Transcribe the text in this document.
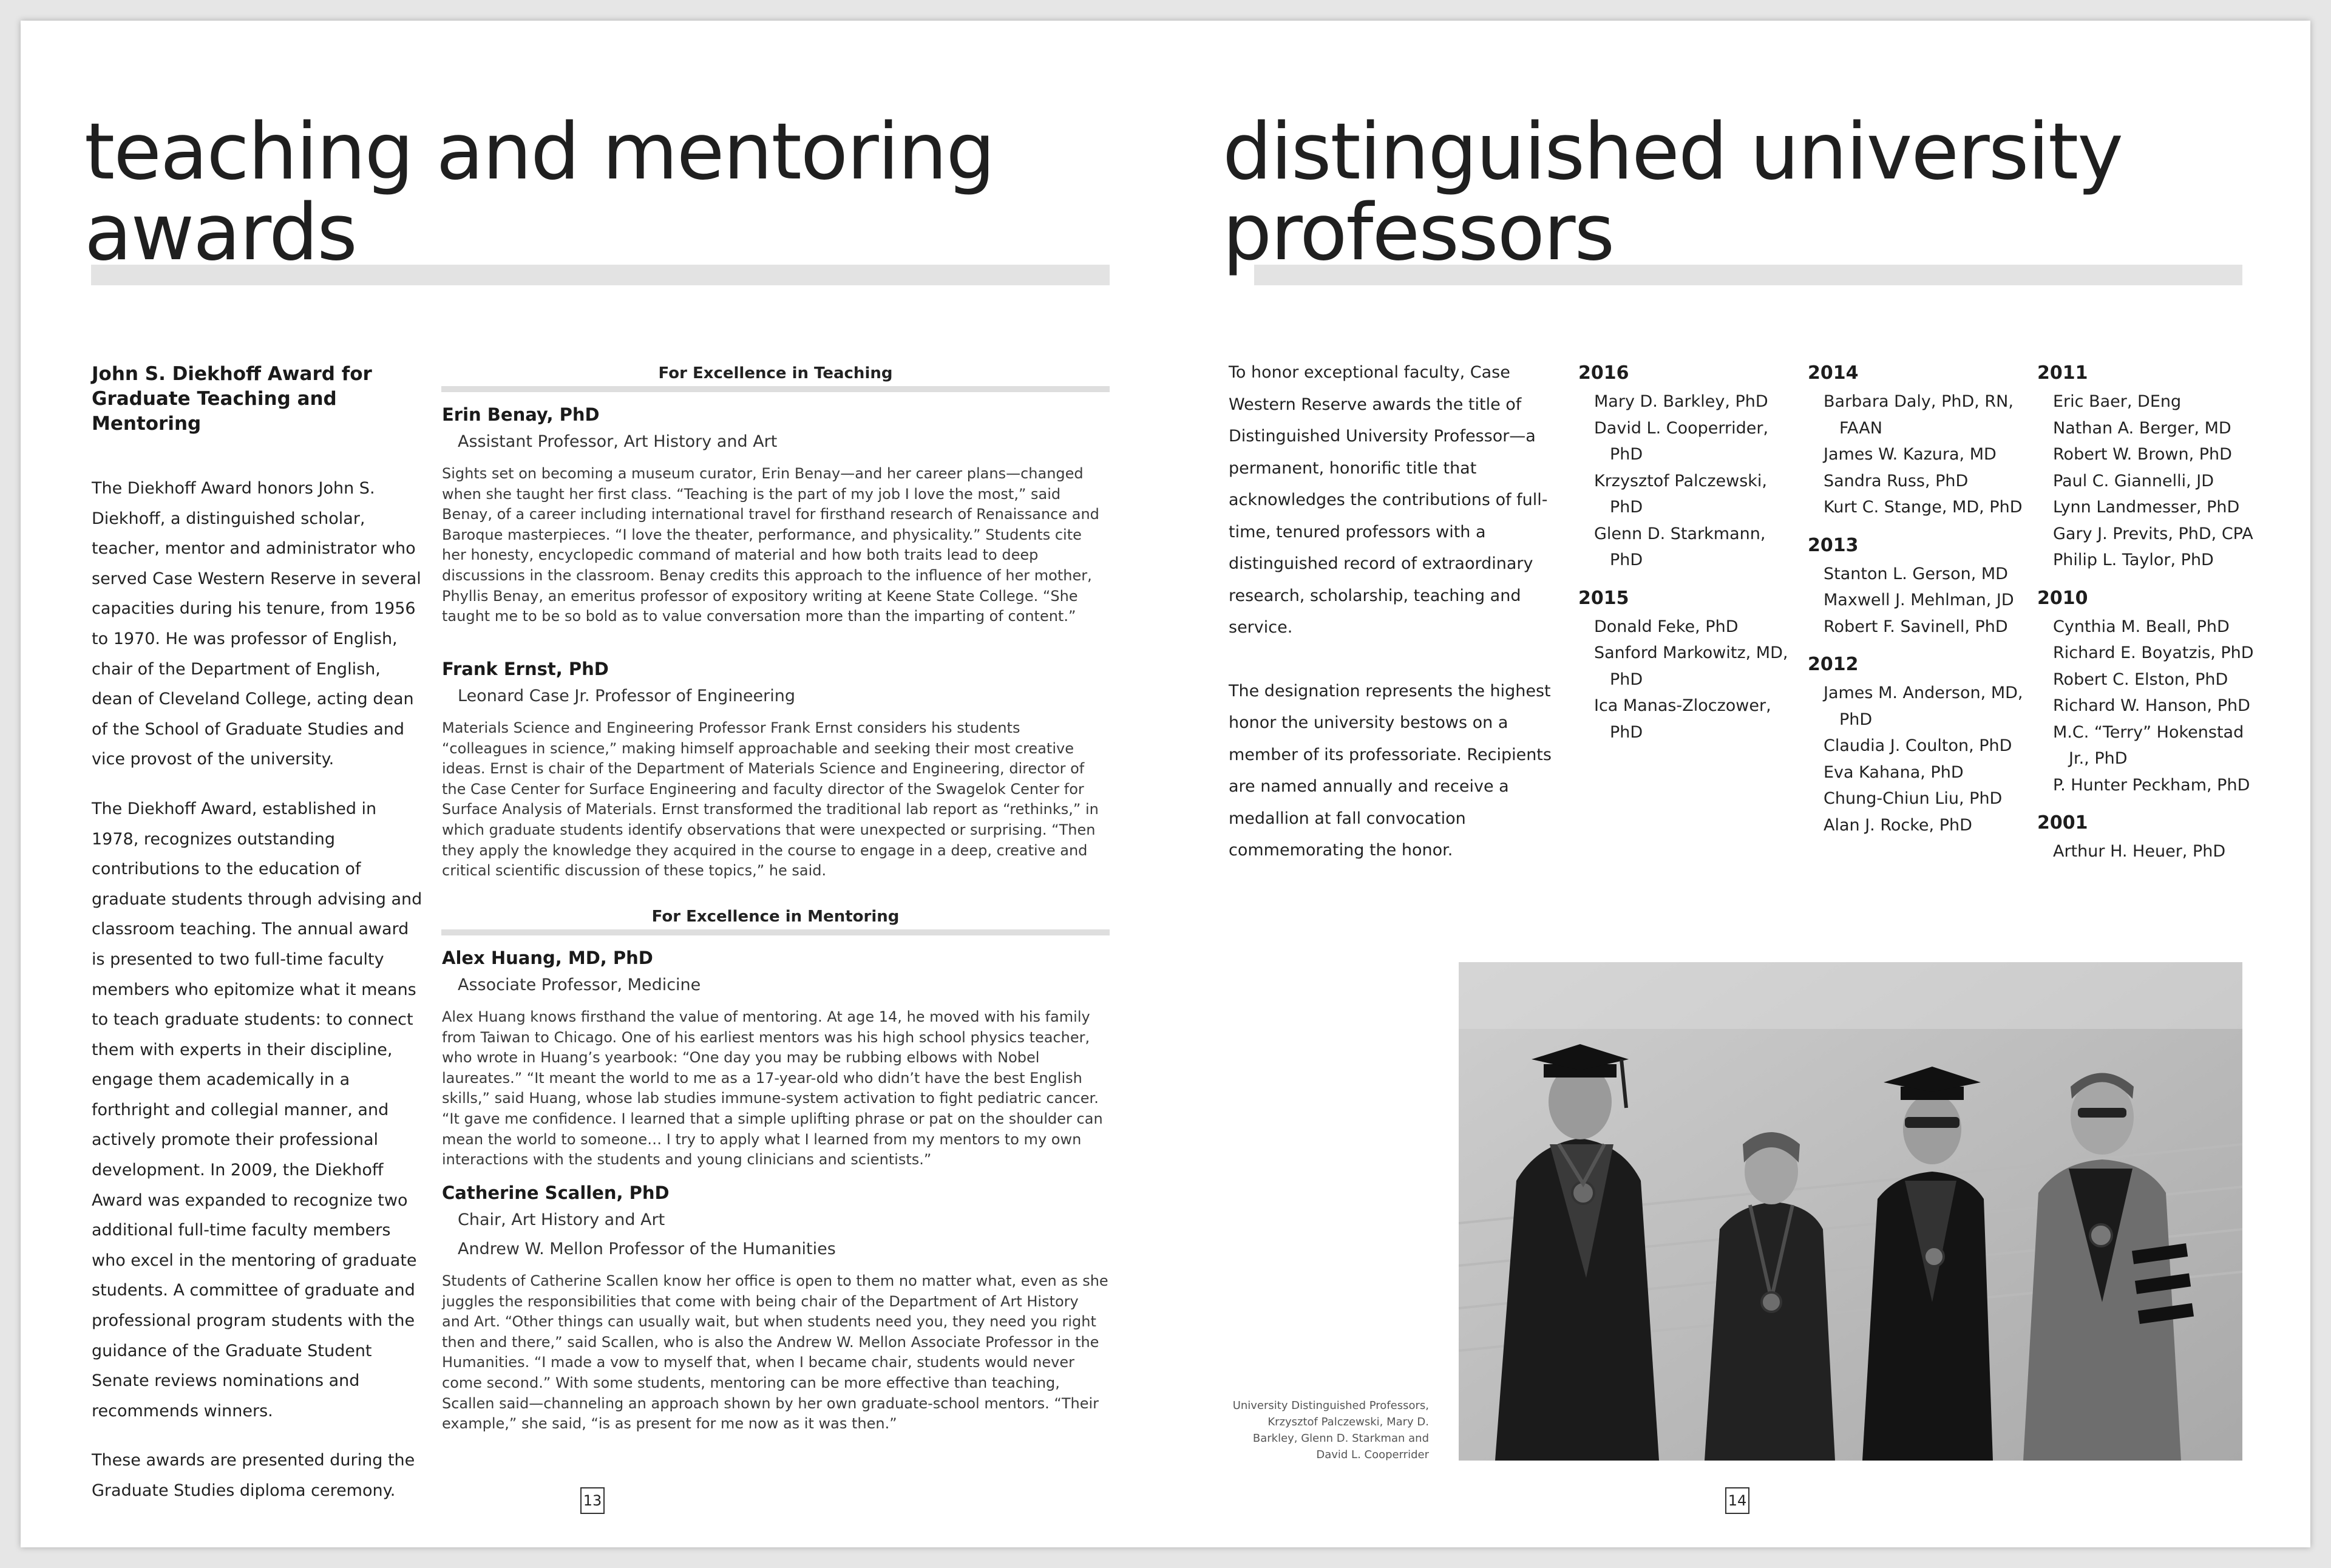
teaching and mentoring
awards
John S. Diekhoff Award for Graduate Teaching and Mentoring

The Diekhoff Award honors John S. Diekhoff, a distinguished scholar, teacher, mentor and administrator who served Case Western Reserve in several capacities during his tenure, from 1956 to 1970. He was professor of English, chair of the Department of English, dean of Cleveland College, acting dean of the School of Graduate Studies and vice provost of the university.

The Diekhoff Award, established in 1978, recognizes outstanding contributions to the education of graduate students through advising and classroom teaching. The annual award is presented to two full-time faculty members who epitomize what it means to teach graduate students: to connect them with experts in their discipline, engage them academically in a forthright and collegial manner, and actively promote their professional development. In 2009, the Diekhoff Award was expanded to recognize two additional full-time faculty members who excel in the mentoring of graduate students. A committee of graduate and professional program students with the guidance of the Graduate Student Senate reviews nominations and recommends winners.

These awards are presented during the Graduate Studies diploma ceremony.

For Excellence in Teaching
Erin Benay, PhD
Assistant Professor, Art History and Art
Sights set on becoming a museum curator, Erin Benay—and her career plans—changed when she taught her first class. “Teaching is the part of my job I love the most,” said Benay, of a career including international travel for firsthand research of Renaissance and Baroque masterpieces. “I love the theater, performance, and physicality.” Students cite her honesty, encyclopedic command of material and how both traits lead to deep discussions in the classroom. Benay credits this approach to the influence of her mother, Phyllis Benay, an emeritus professor of expository writing at Keene State College. “She taught me to be so bold as to value conversation more than the imparting of content.”
Frank Ernst, PhD
Leonard Case Jr. Professor of Engineering
Materials Science and Engineering Professor Frank Ernst considers his students “colleagues in science,” making himself approachable and seeking their most creative ideas. Ernst is chair of the Department of Materials Science and Engineering, director of the Case Center for Surface Engineering and faculty director of the Swagelok Center for Surface Analysis of Materials. Ernst transformed the traditional lab report as “rethinks,” in which graduate students identify observations that were unexpected or surprising. “Then they apply the knowledge they acquired in the course to engage in a deep, creative and critical scientific discussion of these topics,” he said.
For Excellence in Mentoring
Alex Huang, MD, PhD
Associate Professor, Medicine
Alex Huang knows firsthand the value of mentoring. At age 14, he moved with his family from Taiwan to Chicago. One of his earliest mentors was his high school physics teacher, who wrote in Huang’s yearbook: “One day you may be rubbing elbows with Nobel laureates.” “It meant the world to me as a 17-year-old who didn’t have the best English skills,” said Huang, whose lab studies immune-system activation to fight pediatric cancer. “It gave me confidence. I learned that a simple uplifting phrase or pat on the shoulder can mean the world to someone… I try to apply what I learned from my mentors to my own interactions with the students and young clinicians and scientists.”
Catherine Scallen, PhD
Chair, Art History and Art
Andrew W. Mellon Professor of the Humanities
Students of Catherine Scallen know her office is open to them no matter what, even as she juggles the responsibilities that come with being chair of the Department of Art History and Art. “Other things can usually wait, but when students need you, they need you right then and there,” said Scallen, who is also the Andrew W. Mellon Associate Professor in the Humanities. “I made a vow to myself that, when I became chair, students would never come second.” With some students, mentoring can be more effective than teaching, Scallen said—channeling an approach shown by her own graduate-school mentors. “Their example,” she said, “is as present for me now as it was then.”
13
distinguished university
professors

To honor exceptional faculty, Case Western Reserve awards the title of Distinguished University Professor—a permanent, honorific title that acknowledges the contributions of full-time, tenured professors with a distinguished record of extraordinary research, scholarship, teaching and service.

The designation represents the highest honor the university bestows on a member of its professoriate. Recipients are named annually and receive a medallion at fall convocation commemorating the honor.

2016
Mary D. Barkley, PhD
David L. Cooperrider, PhD
Krzysztof Palczewski, PhD
Glenn D. Starkmann, PhD
2015
Donald Feke, PhD
Sanford Markowitz, MD, PhD
Ica Manas-Zloczower, PhD
2014
Barbara Daly, PhD, RN, FAAN
James W. Kazura, MD
Sandra Russ, PhD
Kurt C. Stange, MD, PhD
2013
Stanton L. Gerson, MD
Maxwell J. Mehlman, JD
Robert F. Savinell, PhD
2012
James M. Anderson, MD, PhD
Claudia J. Coulton, PhD
Eva Kahana, PhD
Chung-Chiun Liu, PhD
Alan J. Rocke, PhD
2011
Eric Baer, DEng
Nathan A. Berger, MD
Robert W. Brown, PhD
Paul C. Giannelli, JD
Lynn Landmesser, PhD
Gary J. Previts, PhD, CPA
Philip L. Taylor, PhD
2010
Cynthia M. Beall, PhD
Richard E. Boyatzis, PhD
Robert C. Elston, PhD
Richard W. Hanson, PhD
M.C. “Terry” Hokenstad Jr., PhD
P. Hunter Peckham, PhD
2001
Arthur H. Heuer, PhD
University Distinguished Professors, Krzysztof Palczewski, Mary D. Barkley, Glenn D. Starkman and David L. Cooperrider
14
